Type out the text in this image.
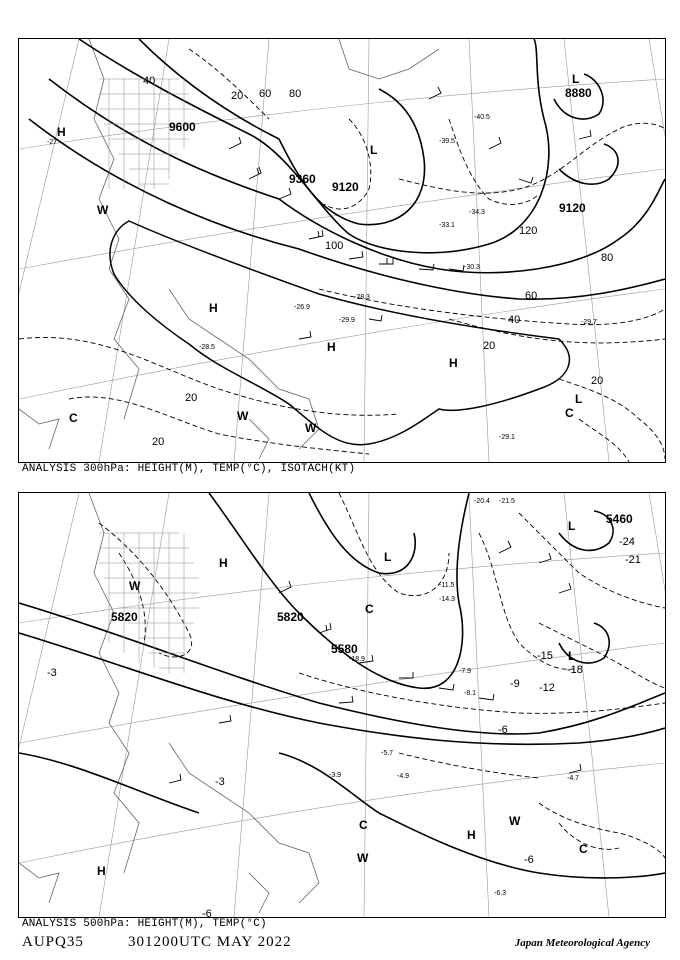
9600
9360
9120
9120
8880
20
40
60 80
100
120
60
80
40
20
20
20
20
H
H
H
H
L
L
L
W
W
W
C	C
-27
-29.7
-33.1
-34.3
-39.5
-40.5
-29.9
-26.9
-28.3
-30.3
-28.5
-29.1
ANALYSIS 300hPa: HEIGHT(M), TEMP(°C), ISOTACH(KT)
5820	5820
5580
5460
-3
-6
-9 -12
-15
-18
-21
-24
-3
-6
-6
H
H
H
L
L
L
W
W
W
C
C
C
-4.7
-5.7
-6.3
-14.3
-18.9
-20.4 -21.5
-7.9
-3.9	-4.9
-8.1
-11.5
ANALYSIS 500hPa: HEIGHT(M), TEMP(°C)
AUPQ35	301200UTC MAY 2022	Japan Meteorological Agency
